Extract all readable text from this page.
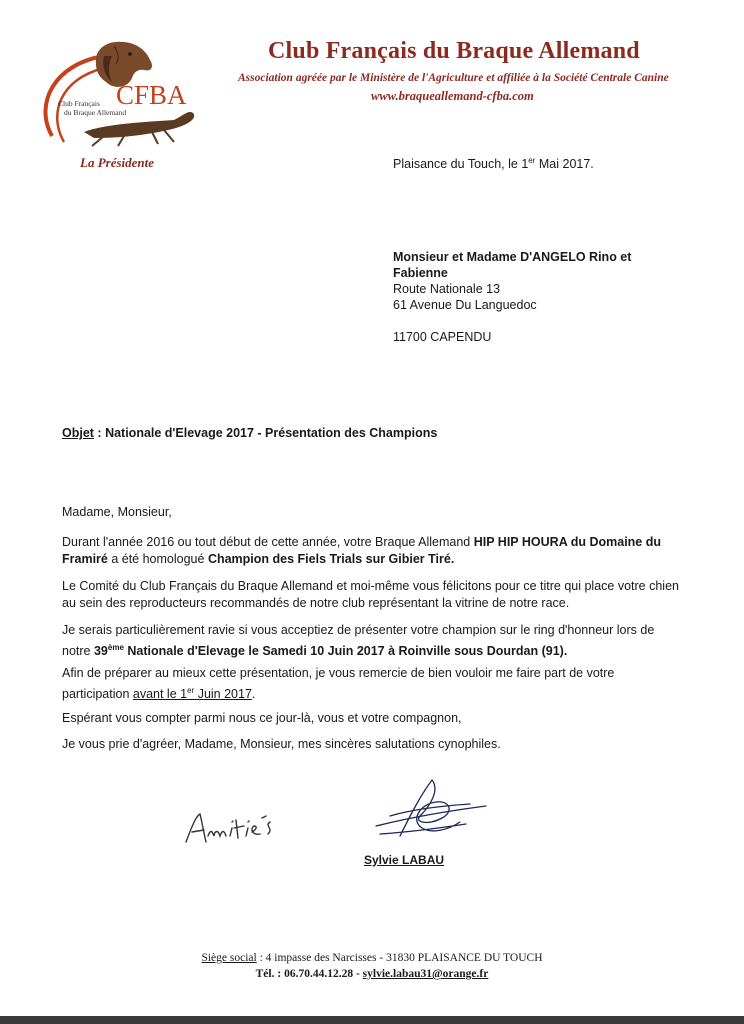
CFBA
Club Français
du Braque Allemand
Club Français du Braque Allemand
Association agréée par le Ministère de l'Agriculture et affiliée à la Société Centrale Canine
www.braqueallemand-cfba.com
La Présidente	Plaisance du Touch, le 1er Mai 2017.
Monsieur et Madame D'ANGELO Rino et
Fabienne
Route Nationale 13
61 Avenue Du Languedoc
11700 CAPENDU
Objet : Nationale d'Elevage 2017 - Présentation des Champions
Madame, Monsieur,

Durant l'année 2016 ou tout début de cette année, votre Braque Allemand HIP HIP HOURA du Domaine du Framiré a été homologué Champion des Fiels Trials sur Gibier Tiré.

Le Comité du Club Français du Braque Allemand et moi-même vous félicitons pour ce titre qui place votre chien au sein des reproducteurs recommandés de notre club représentant la vitrine de notre race.

Je serais particulièrement ravie si vous acceptiez de présenter votre champion sur le ring d'honneur lors de notre 39ème Nationale d'Elevage le Samedi 10 Juin 2017 à Roinville sous Dourdan (91).

Afin de préparer au mieux cette présentation, je vous remercie de bien vouloir me faire part de votre participation avant le 1er Juin 2017.

Espérant vous compter parmi nous ce jour-là, vous et votre compagnon,

Je vous prie d'agréer, Madame, Monsieur, mes sincères salutations cynophiles.

Sylvie LABAU
Siège social : 4 impasse des Narcisses - 31830 PLAISANCE DU TOUCH
Tél. : 06.70.44.12.28 - sylvie.labau31@orange.fr
